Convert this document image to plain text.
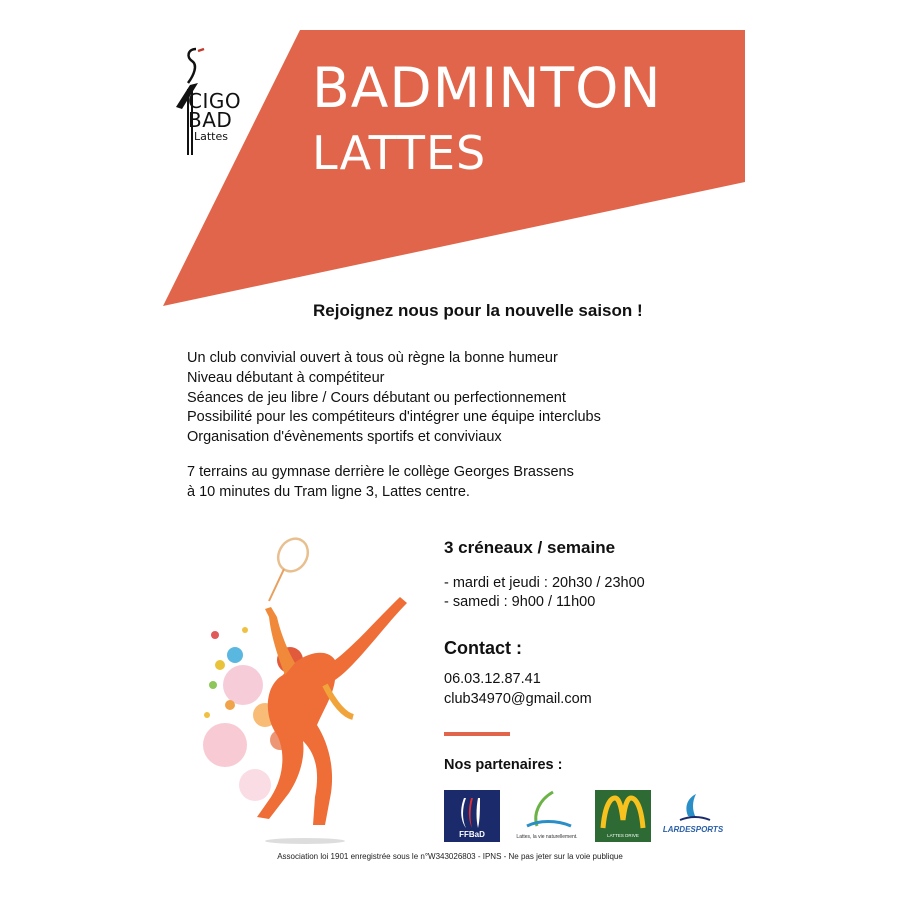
CIGO
BAD
Lattes
BADMINTON
LATTES
Rejoignez nous pour la nouvelle saison !
Un club convivial ouvert à tous où règne la bonne humeur
Niveau débutant à compétiteur
Séances de jeu libre / Cours débutant ou perfectionnement
Possibilité pour les compétiteurs d'intégrer une équipe interclubs
Organisation d'évènements sportifs et conviviaux
7 terrains au gymnase derrière le collège Georges Brassens
à 10 minutes du Tram ligne 3, Lattes centre.
3 créneaux / semaine
- mardi et jeudi : 20h30 / 23h00
- samedi : 9h00 / 11h00
Contact :
06.03.12.87.41
club34970@gmail.com
Nos partenaires :
FFBaD	Lattes, la vie naturellement.	LATTES DRIVE
LARDESPORTS
Association loi 1901 enregistrée sous le n°W343026803 - IPNS - Ne pas jeter sur la voie publique
